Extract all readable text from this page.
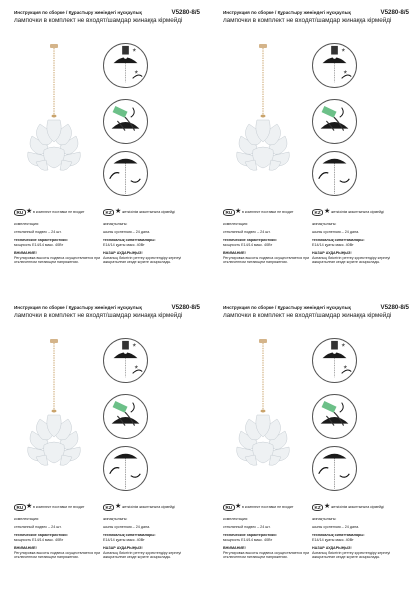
Инструкция по сборке / Құрастыру жөніндегі нұсқаулық	V5280-8/5
лампочки в комплект не входят/шамдар жинаққа кірмейді
*
*
RU ★ в комплект поставки не входит	KZ ★ жеткізілім жиынтығына кірмейді

комплектация:

стеклянный подвес – 24 шт.

технические характеристики:

мощность Е14/14 макс. 40Вт

ВНИМАНИЕ!

Регулировка высоты подвеса осуществляется при отключенном питающем напряжении.

жинақтылығы:

шыны суспензия – 24 дана.

техникалық сипаттамалары:

Е14/14 қуаты макс. 40Вт

НАЗАР АУДАРЫҢЫЗ!

Аспаның биіктігін реттеу қоректендіру кернеуі ажыратылған кезде жүзеге асырылады.

Инструкция по сборке / Құрастыру жөніндегі нұсқаулық	V5280-8/5
лампочки в комплект не входят/шамдар жинаққа кірмейді
*
*
RU ★ в комплект поставки не входит	KZ ★ жеткізілім жиынтығына кірмейді

комплектация:

стеклянный подвес – 24 шт.

технические характеристики:

мощность Е14/14 макс. 40Вт

ВНИМАНИЕ!

Регулировка высоты подвеса осуществляется при отключенном питающем напряжении.

жинақтылығы:

шыны суспензия – 24 дана.

техникалық сипаттамалары:

Е14/14 қуаты макс. 40Вт

НАЗАР АУДАРЫҢЫЗ!

Аспаның биіктігін реттеу қоректендіру кернеуі ажыратылған кезде жүзеге асырылады.

Инструкция по сборке / Құрастыру жөніндегі нұсқаулық	V5280-8/5
лампочки в комплект не входят/шамдар жинаққа кірмейді
*
*
RU ★ в комплект поставки не входит	KZ ★ жеткізілім жиынтығына кірмейді

комплектация:

стеклянный подвес – 24 шт.

технические характеристики:

мощность Е14/14 макс. 40Вт

ВНИМАНИЕ!

Регулировка высоты подвеса осуществляется при отключенном питающем напряжении.

жинақтылығы:

шыны суспензия – 24 дана.

техникалық сипаттамалары:

Е14/14 қуаты макс. 40Вт

НАЗАР АУДАРЫҢЫЗ!

Аспаның биіктігін реттеу қоректендіру кернеуі ажыратылған кезде жүзеге асырылады.

Инструкция по сборке / Құрастыру жөніндегі нұсқаулық	V5280-8/5
лампочки в комплект не входят/шамдар жинаққа кірмейді
*
*
RU ★ в комплект поставки не входит	KZ ★ жеткізілім жиынтығына кірмейді

комплектация:

стеклянный подвес – 24 шт.

технические характеристики:

мощность Е14/14 макс. 40Вт

ВНИМАНИЕ!

Регулировка высоты подвеса осуществляется при отключенном питающем напряжении.

жинақтылығы:

шыны суспензия – 24 дана.

техникалық сипаттамалары:

Е14/14 қуаты макс. 40Вт

НАЗАР АУДАРЫҢЫЗ!

Аспаның биіктігін реттеу қоректендіру кернеуі ажыратылған кезде жүзеге асырылады.
